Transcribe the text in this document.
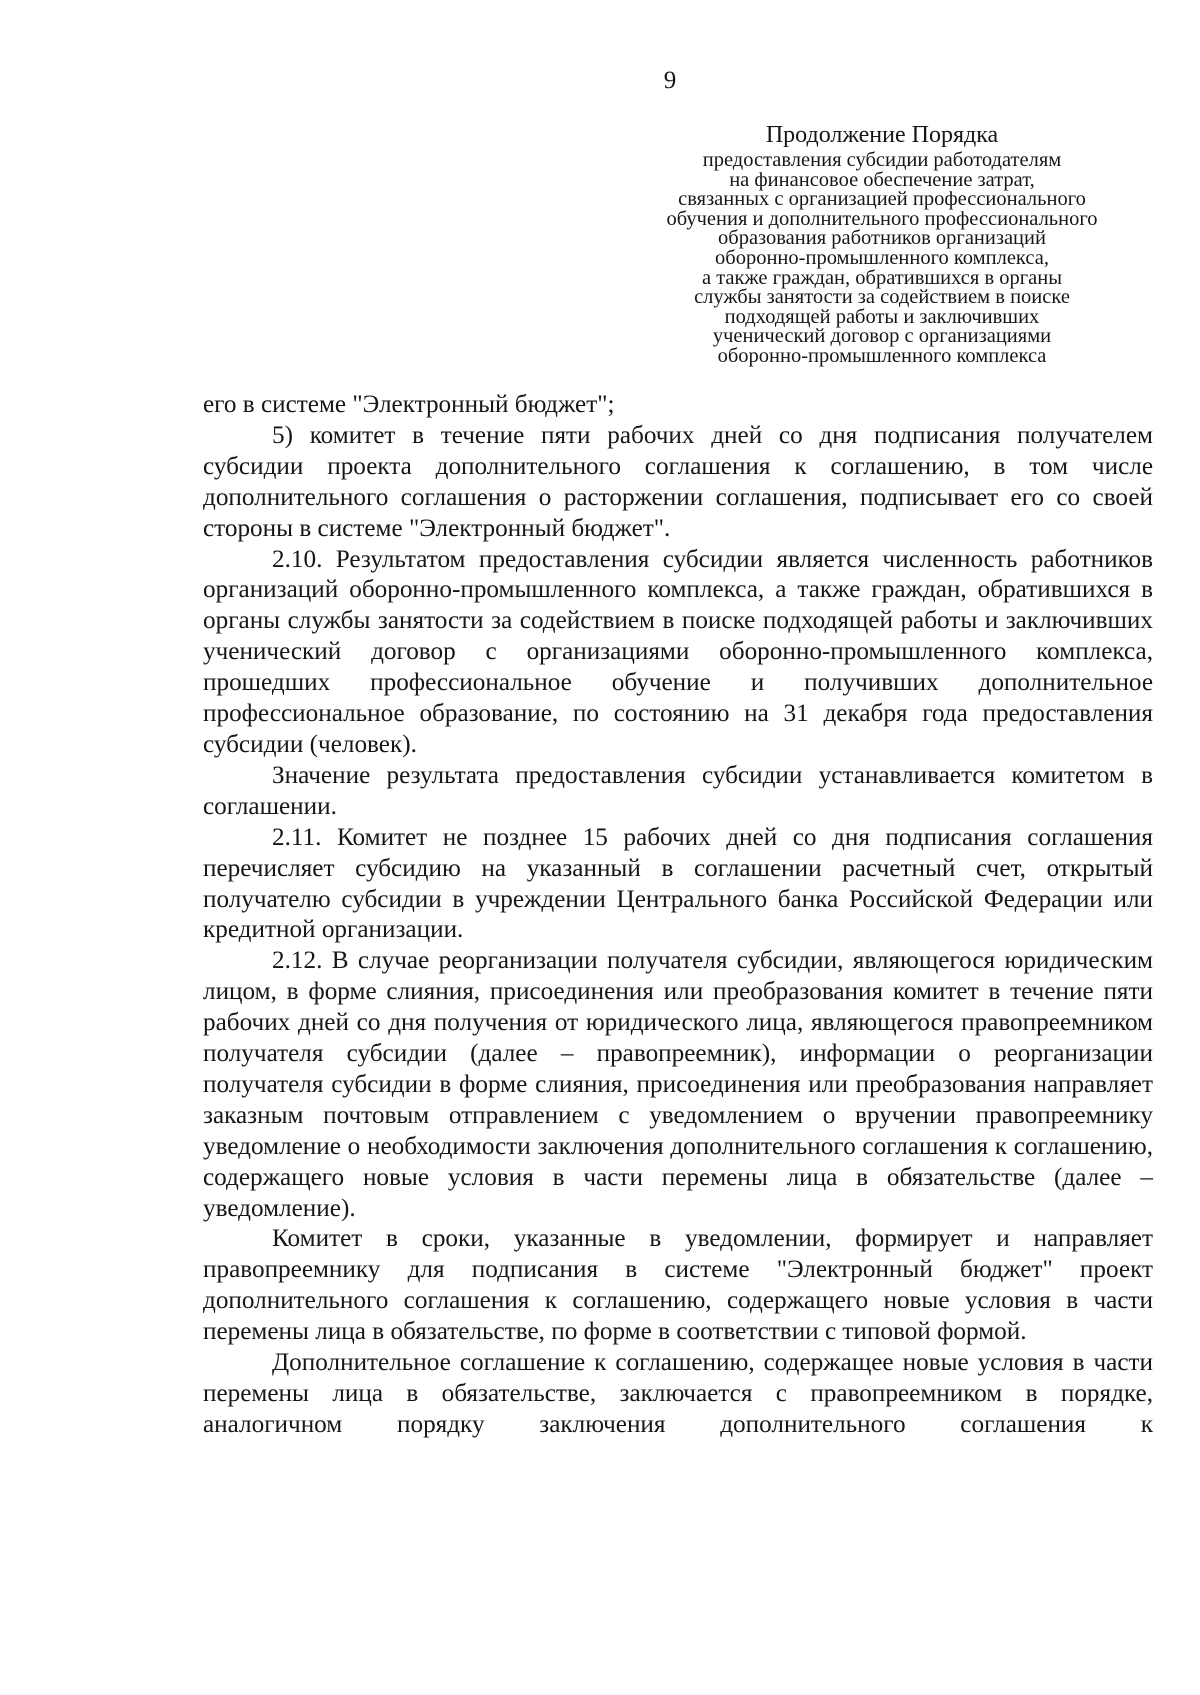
9
Продолжение Порядка
предоставления субсидии работодателям
на финансовое обеспечение затрат,
связанных с организацией профессионального
обучения и дополнительного профессионального
образования работников организаций
оборонно-промышленного комплекса,
а также граждан, обратившихся в органы
службы занятости за содействием в поиске
подходящей работы и заключивших
ученический договор с организациями
оборонно-промышленного комплекса

его в системе "Электронный бюджет";

5) комитет в течение пяти рабочих дней со дня подписания получателем субсидии проекта дополнительного соглашения к соглашению, в том числе дополнительного соглашения о расторжении соглашения, подписывает его со своей стороны в системе "Электронный бюджет".

2.10. Результатом предоставления субсидии является численность работников организаций оборонно-промышленного комплекса, а также граждан, обратившихся в органы службы занятости за содействием в поиске подходящей работы и заключивших ученический договор с организациями оборонно-промышленного комплекса, прошедших профессиональное обучение и получивших дополнительное профессиональное образование, по состоянию на 31 декабря года предоставления субсидии (человек).

Значение результата предоставления субсидии устанавливается комитетом в соглашении.

2.11. Комитет не позднее 15 рабочих дней со дня подписания соглашения перечисляет субсидию на указанный в соглашении расчетный счет, открытый получателю субсидии в учреждении Центрального банка Российской Федерации или кредитной организации.

2.12. В случае реорганизации получателя субсидии, являющегося юридическим лицом, в форме слияния, присоединения или преобразования комитет в течение пяти рабочих дней со дня получения от юридического лица, являющегося правопреемником получателя субсидии (далее – правопреемник), информации о реорганизации получателя субсидии в форме слияния, присоединения или преобразования направляет заказным почтовым отправлением с уведомлением о вручении правопреемнику уведомление о необходимости заключения дополнительного соглашения к соглашению, содержащего новые условия в части перемены лица в обязательстве (далее – уведомление).

Комитет в сроки, указанные в уведомлении, формирует и направляет правопреемнику для подписания в системе "Электронный бюджет" проект дополнительного соглашения к соглашению, содержащего новые условия в части перемены лица в обязательстве, по форме в соответствии с типовой формой.

Дополнительное соглашение к соглашению, содержащее новые условия в части перемены лица в обязательстве, заключается с правопреемником в порядке, аналогичном порядку заключения дополнительного соглашения к
